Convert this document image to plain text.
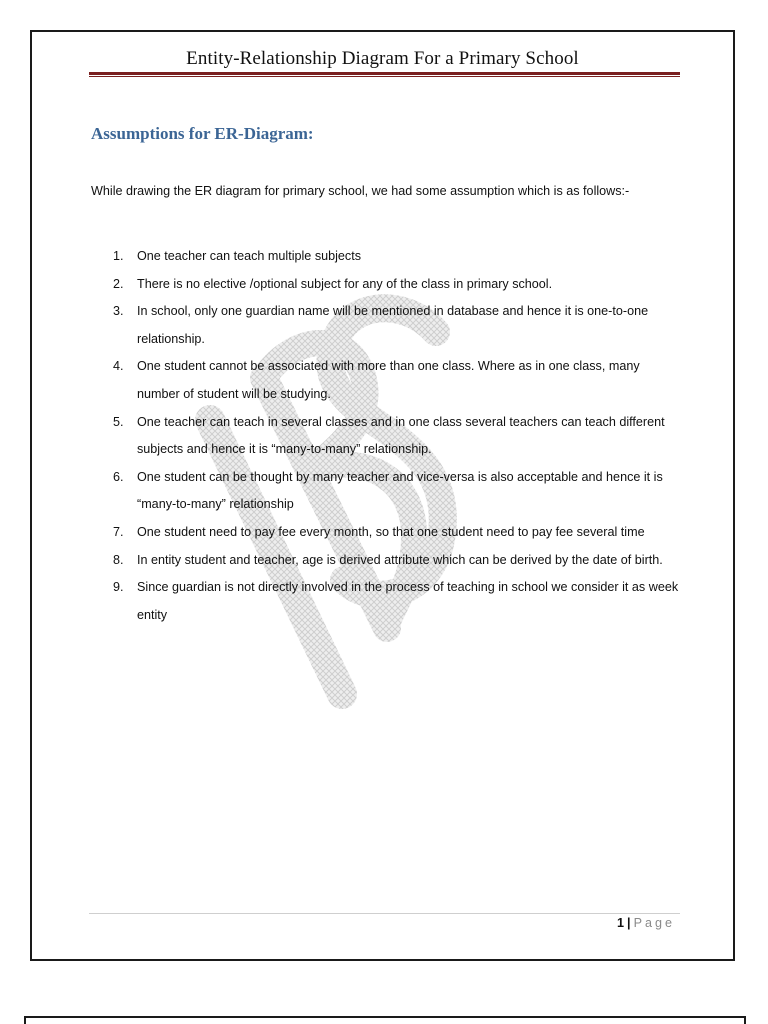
Entity-Relationship Diagram For a Primary School
Assumptions for ER-Diagram:
While drawing the ER diagram for primary school, we had some assumption which is as follows:-
1.	One teacher can teach multiple subjects
2.	There is no elective /optional subject for any of the class in primary school.
3.	In school, only one guardian name will be mentioned in database and hence it is one-to-one relationship.
4.	One student cannot be associated with more than one class. Where as in one class, many number of student will be studying.
5.	One teacher can teach in several classes and in one class several teachers can teach different subjects and hence it is “many-to-many” relationship.
6.	One student can be thought by many teacher and vice-versa is also acceptable and hence it is “many-to-many” relationship
7.	One student need to pay fee every month, so that one student need to pay fee several time
8.	In entity student and teacher, age is derived attribute which can be derived by the date of birth.
9.	Since guardian is not directly involved in the process of teaching in school we consider it as week entity
1 | Page
